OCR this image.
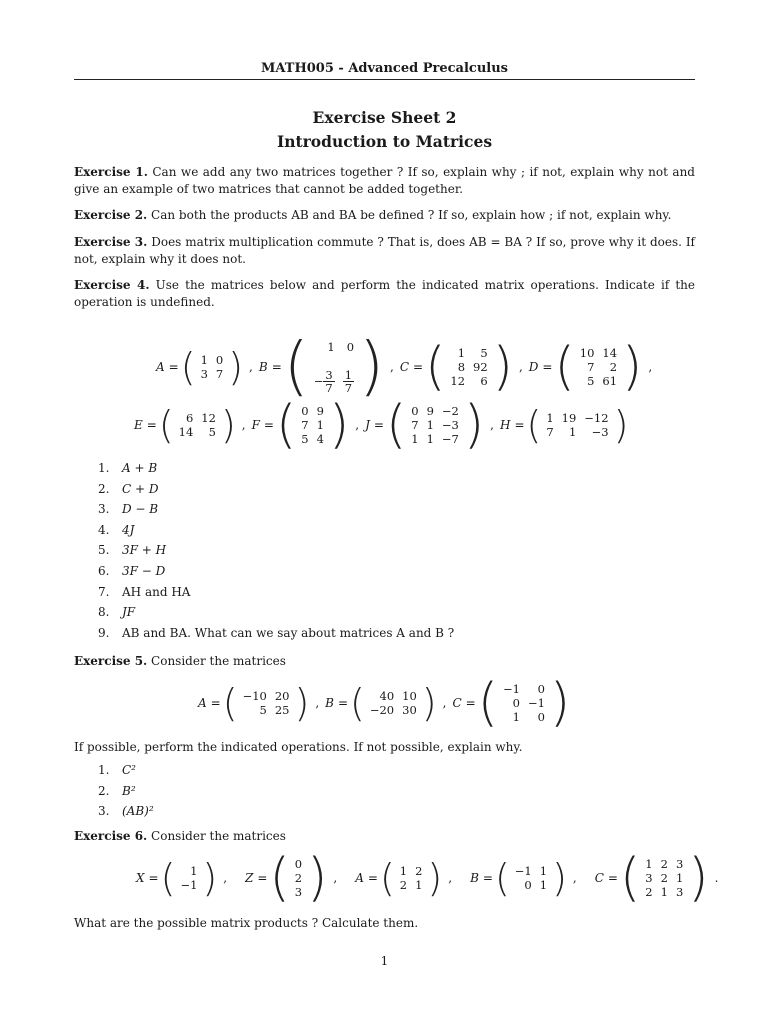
MATH005 - Advanced Precalculus
Exercise Sheet 2
Introduction to Matrices
Exercise 1. Can we add any two matrices together ? If so, explain why ; if not, explain why not and give an example of two matrices that cannot be added together.
Exercise 2. Can both the products AB and BA be defined ? If so, explain how ; if not, explain why.
Exercise 3. Does matrix multiplication commute ? That is, does AB = BA ? If so, prove why it does. If not, explain why it does not.
Exercise 4. Use the matrices below and perform the indicated matrix operations. Indicate if the operation is undefined.
A = ( 1	0
3	7 ) , B = ( 1	0
− $\frac{3}{7}$	$\frac{1}{7}$ ) , C = ( 1	5
8	92
12	6 ) , D = ( 10	14
7	2
5	61 ) ,
E = ( 6	12
14	5 ) , F = ( 0	9
7	1
5	4 ) , J = ( 0	9	−2
7	1	−3
1	1	−7 ) , H = ( 1	19	−12
7	1	−3 )
1. A + B
2. C + D
3. D − B
4. 4J
5. 3F + H
6. 3F − D
7. AH and HA
8. JF
9. AB and BA. What can we say about matrices A and B ?
Exercise 5. Consider the matrices
A = ( −10	20
5	25 ) , B = ( 40	10
−20	30 ) , C = ( −1	0
0	−1
1	0 )
If possible, perform the indicated operations. If not possible, explain why.
1. C²
2. B²
3. (AB)²
Exercise 6. Consider the matrices
X = ( 1
−1 ) , Z = ( 0
2
3 ) , A = ( 1	2
2	1 ) , B = ( −1	1
0	1 ) , C = ( 1	2	3
3	2	1
2	1	3 ) .
What are the possible matrix products ? Calculate them.
1
